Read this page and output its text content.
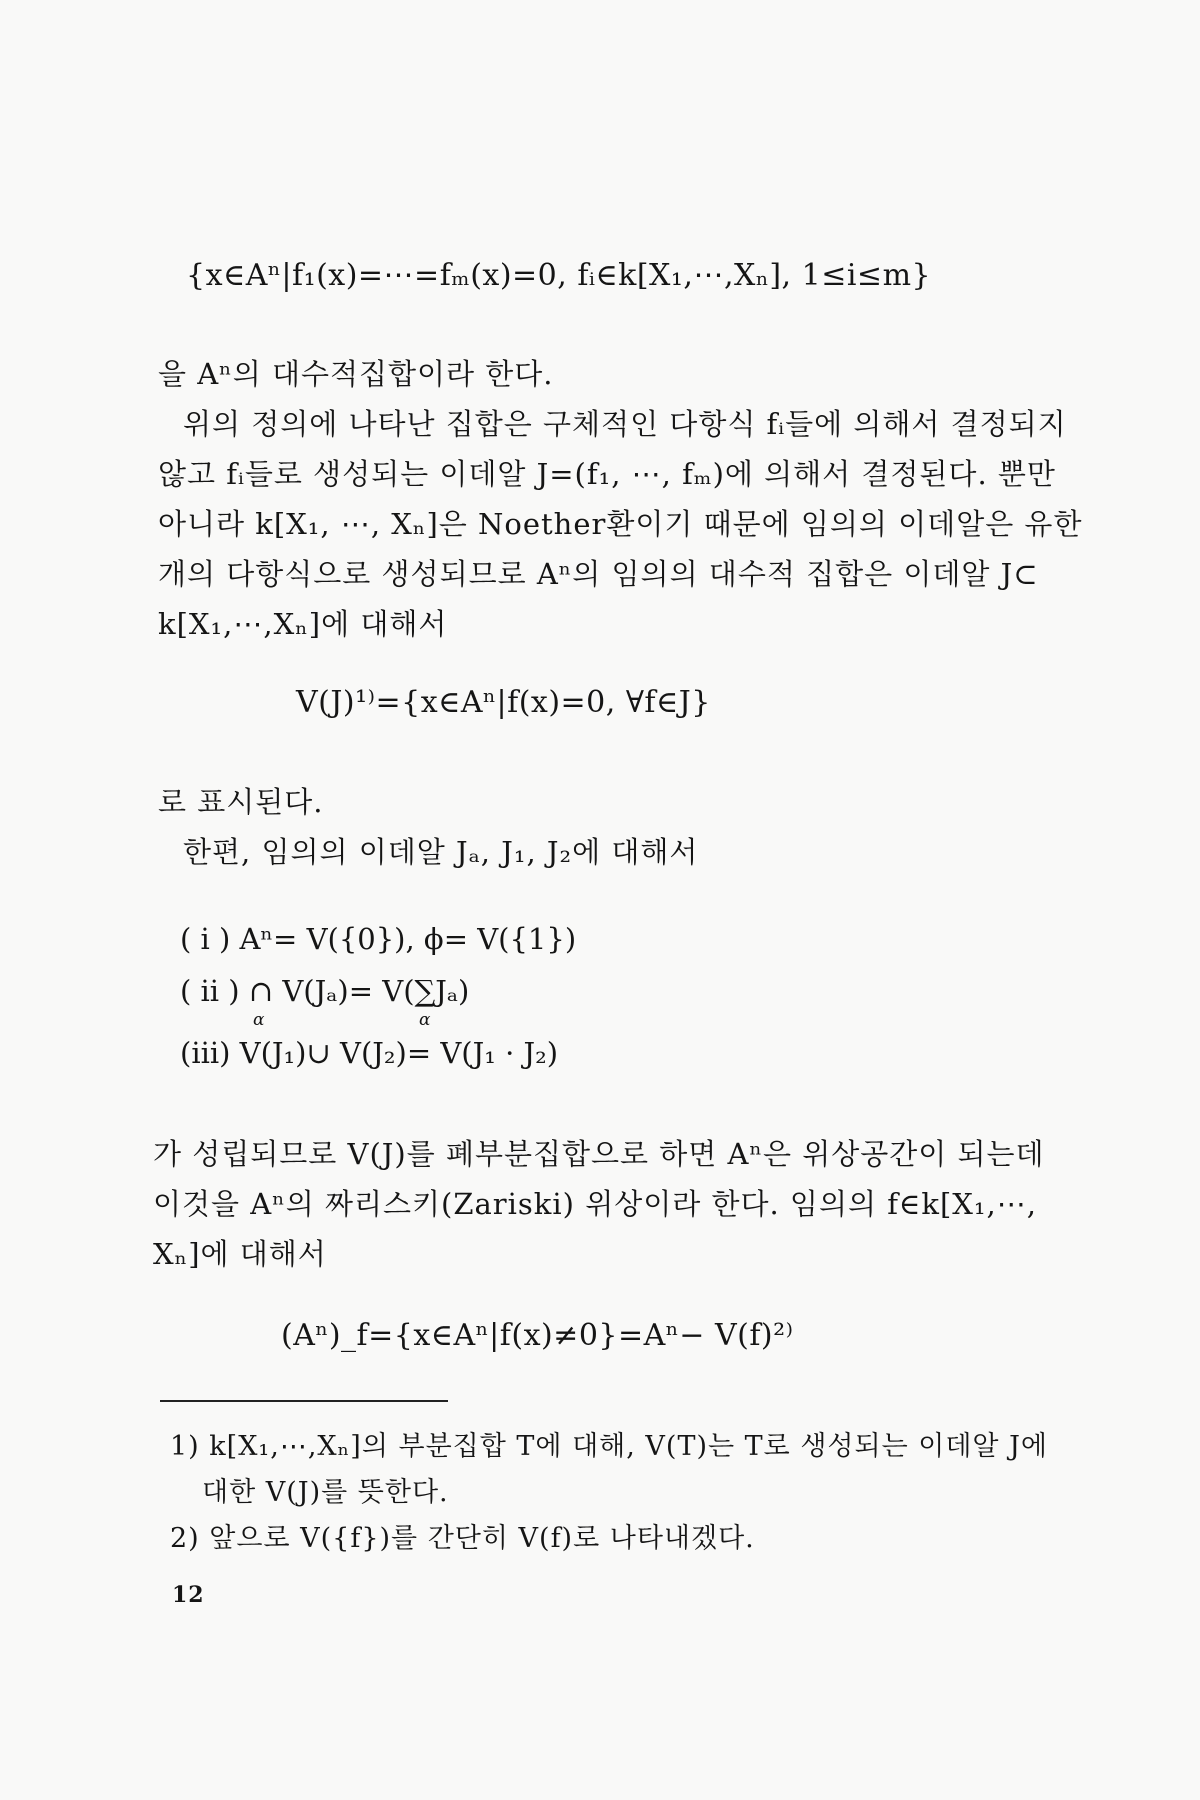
{x∈Aⁿ|f₁(x)=⋯=fₘ(x)=0, fᵢ∈k[X₁,⋯,Xₙ], 1≤i≤m}
을 Aⁿ의 대수적집합이라 한다.
위의 정의에 나타난 집합은 구체적인 다항식 fᵢ들에 의해서 결정되지
않고 fᵢ들로 생성되는 이데알 J=(f₁, ⋯, fₘ)에 의해서 결정된다. 뿐만
아니라 k[X₁, ⋯, Xₙ]은 Noether환이기 때문에 임의의 이데알은 유한
개의 다항식으로 생성되므로 Aⁿ의 임의의 대수적 집합은 이데알 J⊂
k[X₁,⋯,Xₙ]에 대해서
V(J)¹⁾={x∈Aⁿ|f(x)=0, ∀f∈J}
로 표시된다.
한편, 임의의 이데알 Jₐ, J₁, J₂에 대해서
( i ) Aⁿ= V({0}), ϕ= V({1})
( ii ) ∩ V(Jₐ)= V(∑Jₐ)
α	α
(iii) V(J₁)∪ V(J₂)= V(J₁ · J₂)
가 성립되므로 V(J)를 폐부분집합으로 하면 Aⁿ은 위상공간이 되는데
이것을 Aⁿ의 짜리스키(Zariski) 위상이라 한다. 임의의 f∈k[X₁,⋯,
Xₙ]에 대해서
(Aⁿ)_f={x∈Aⁿ|f(x)≠0}=Aⁿ− V(f)²⁾
1) k[X₁,⋯,Xₙ]의 부분집합 T에 대해, V(T)는 T로 생성되는 이데알 J에
대한 V(J)를 뜻한다.
2) 앞으로 V({f})를 간단히 V(f)로 나타내겠다.
12
